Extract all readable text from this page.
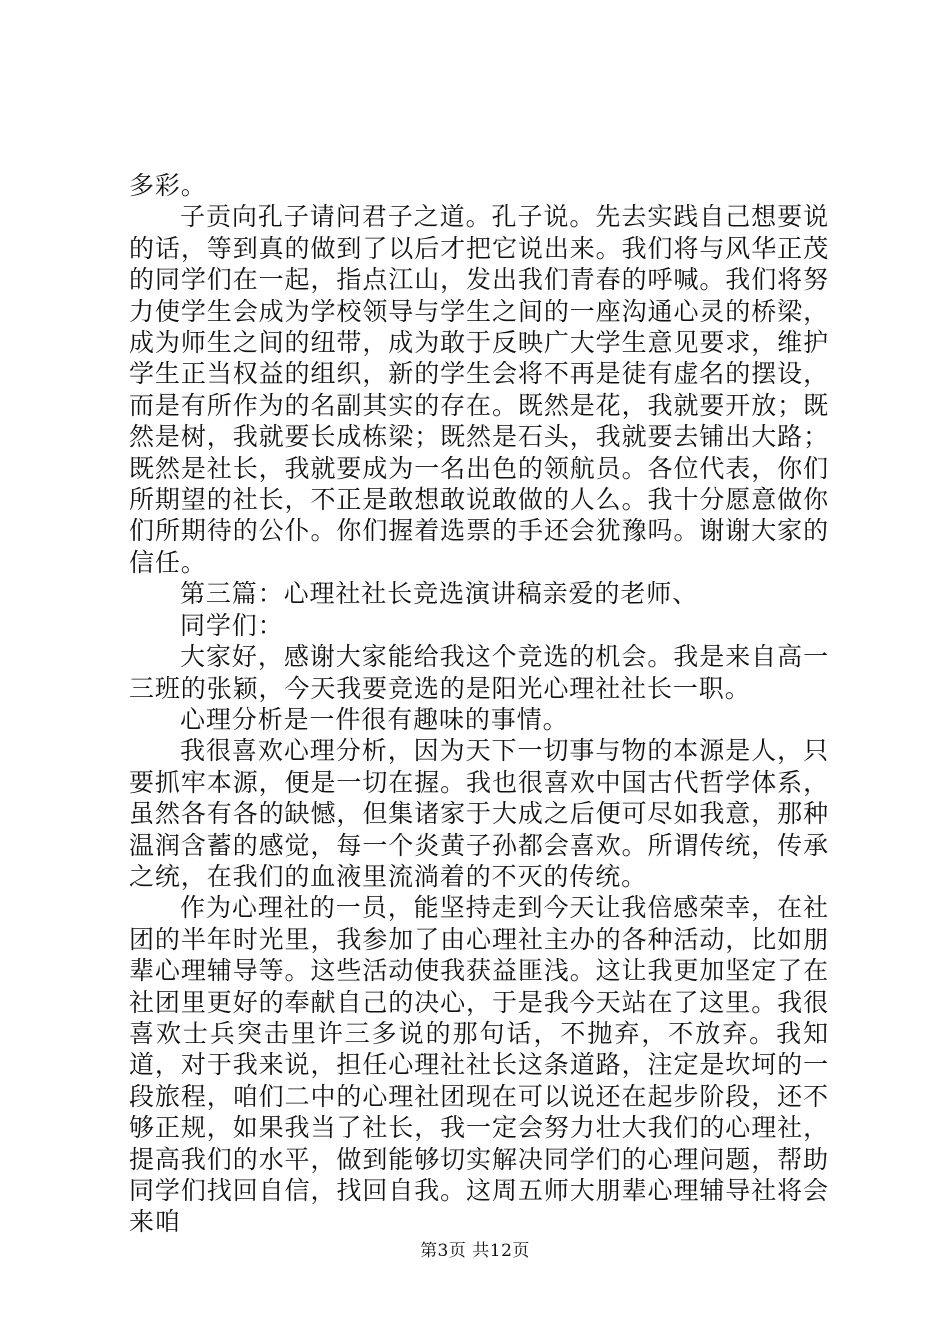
多彩。

子贡向孔子请问君子之道。孔子说。先去实践自己想要说的话，等到真的做到了以后才把它说出来。我们将与风华正茂的同学们在一起，指点江山，发出我们青春的呼喊。我们将努力使学生会成为学校领导与学生之间的一座沟通心灵的桥梁，成为师生之间的纽带，成为敢于反映广大学生意见要求，维护学生正当权益的组织，新的学生会将不再是徒有虚名的摆设，而是有所作为的名副其实的存在。既然是花，我就要开放；既然是树，我就要长成栋梁；既然是石头，我就要去铺出大路；既然是社长，我就要成为一名出色的领航员。各位代表，你们所期望的社长，不正是敢想敢说敢做的人么。我十分愿意做你们所期待的公仆。你们握着选票的手还会犹豫吗。谢谢大家的信任。

第三篇：心理社社长竞选演讲稿亲爱的老师、

同学们：

大家好，感谢大家能给我这个竞选的机会。我是来自高一三班的张颖，今天我要竞选的是阳光心理社社长一职。

心理分析是一件很有趣味的事情。

我很喜欢心理分析，因为天下一切事与物的本源是人，只要抓牢本源，便是一切在握。我也很喜欢中国古代哲学体系，虽然各有各的缺憾，但集诸家于大成之后便可尽如我意，那种温润含蓄的感觉，每一个炎黄子孙都会喜欢。所谓传统，传承之统，在我们的血液里流淌着的不灭的传统。

作为心理社的一员，能坚持走到今天让我倍感荣幸，在社团的半年时光里，我参加了由心理社主办的各种活动，比如朋辈心理辅导等。这些活动使我获益匪浅。这让我更加坚定了在社团里更好的奉献自己的决心，于是我今天站在了这里。我很喜欢士兵突击里许三多说的那句话，不抛弃，不放弃。我知道，对于我来说，担任心理社社长这条道路，注定是坎坷的一段旅程，咱们二中的心理社团现在可以说还在起步阶段，还不够正规，如果我当了社长，我一定会努力壮大我们的心理社，提高我们的水平，做到能够切实解决同学们的心理问题，帮助同学们找回自信，找回自我。这周五师大朋辈心理辅导社将会来咱

第3页 共12页
